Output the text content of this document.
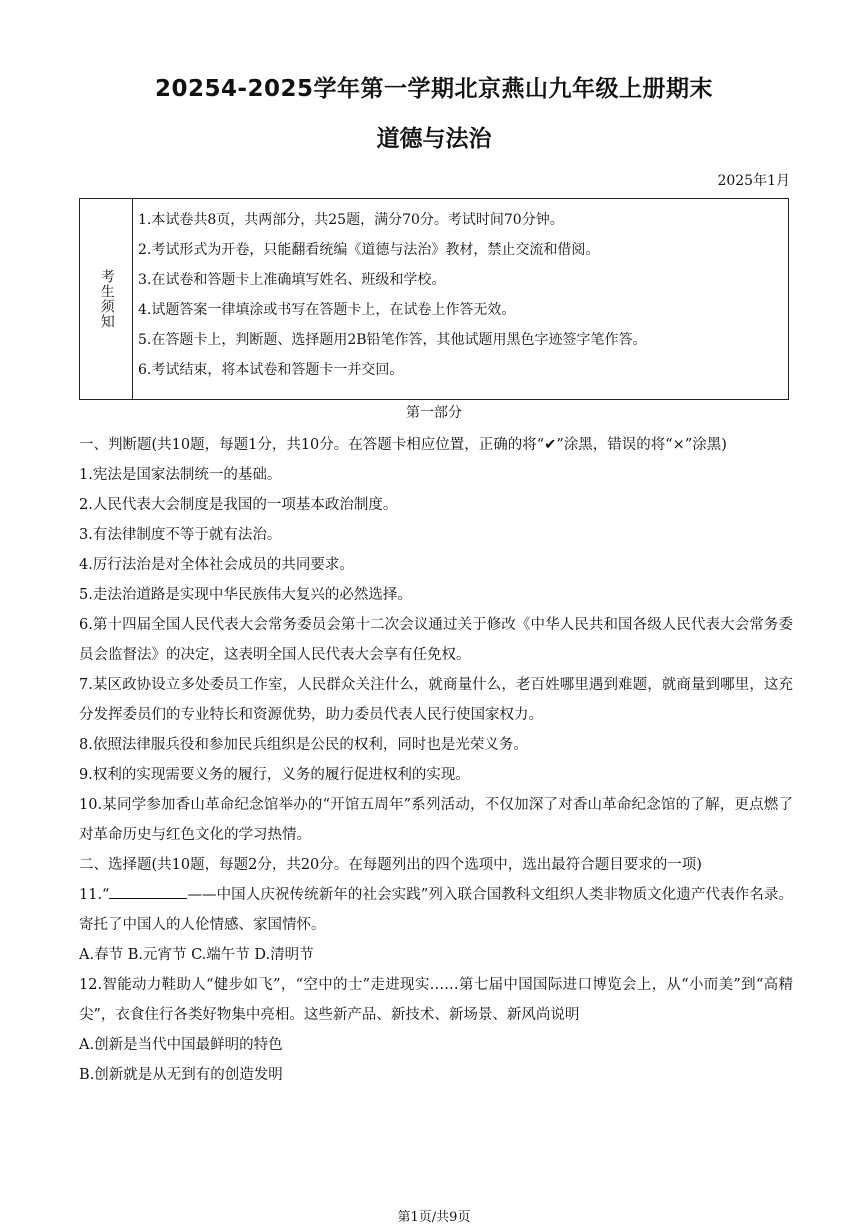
20254-2025学年第一学期北京燕山九年级上册期末
道德与法治
2025年1月
考生须知
1.本试卷共8页，共两部分，共25题，满分70分。考试时间70分钟。
2.考试形式为开卷，只能翻看统编《道德与法治》教材，禁止交流和借阅。
3.在试卷和答题卡上准确填写姓名、班级和学校。
4.试题答案一律填涂或书写在答题卡上，在试卷上作答无效。
5.在答题卡上，判断题、选择题用2B铅笔作答，其他试题用黑色字迹签字笔作答。
6.考试结束，将本试卷和答题卡一并交回。
第一部分
一、判断题(共10题，每题1分，共10分。在答题卡相应位置，正确的将“✔”涂黑，错误的将“×”涂黑)
1.宪法是国家法制统一的基础。
2.人民代表大会制度是我国的一项基本政治制度。
3.有法律制度不等于就有法治。
4.厉行法治是对全体社会成员的共同要求。
5.走法治道路是实现中华民族伟大复兴的必然选择。
6.第十四届全国人民代表大会常务委员会第十二次会议通过关于修改《中华人民共和国各级人民代表大会常务委员会监督法》的决定，这表明全国人民代表大会享有任免权。
7.某区政协设立多处委员工作室，人民群众关注什么，就商量什么，老百姓哪里遇到难题，就商量到哪里，这充分发挥委员们的专业特长和资源优势，助力委员代表人民行使国家权力。
8.依照法律服兵役和参加民兵组织是公民的权利，同时也是光荣义务。
9.权利的实现需要义务的履行，义务的履行促进权利的实现。
10.某同学参加香山革命纪念馆举办的“开馆五周年”系列活动，不仅加深了对香山革命纪念馆的了解，更点燃了对革命历史与红色文化的学习热情。
二、选择题(共10题，每题2分，共20分。在每题列出的四个选项中，选出最符合题目要求的一项)
11.“	——中国人庆祝传统新年的社会实践”列入联合国教科文组织人类非物质文化遗产代表作名录。寄托了中国人的人伦情感、家国情怀。
A.春节 B.元宵节 C.端午节 D.清明节
12.智能动力鞋助人“健步如飞”，“空中的士”走进现实……第七届中国国际进口博览会上，从“小而美”到“高精尖”，衣食住行各类好物集中亮相。这些新产品、新技术、新场景、新风尚说明
A.创新是当代中国最鲜明的特色
B.创新就是从无到有的创造发明
第1页/共9页
